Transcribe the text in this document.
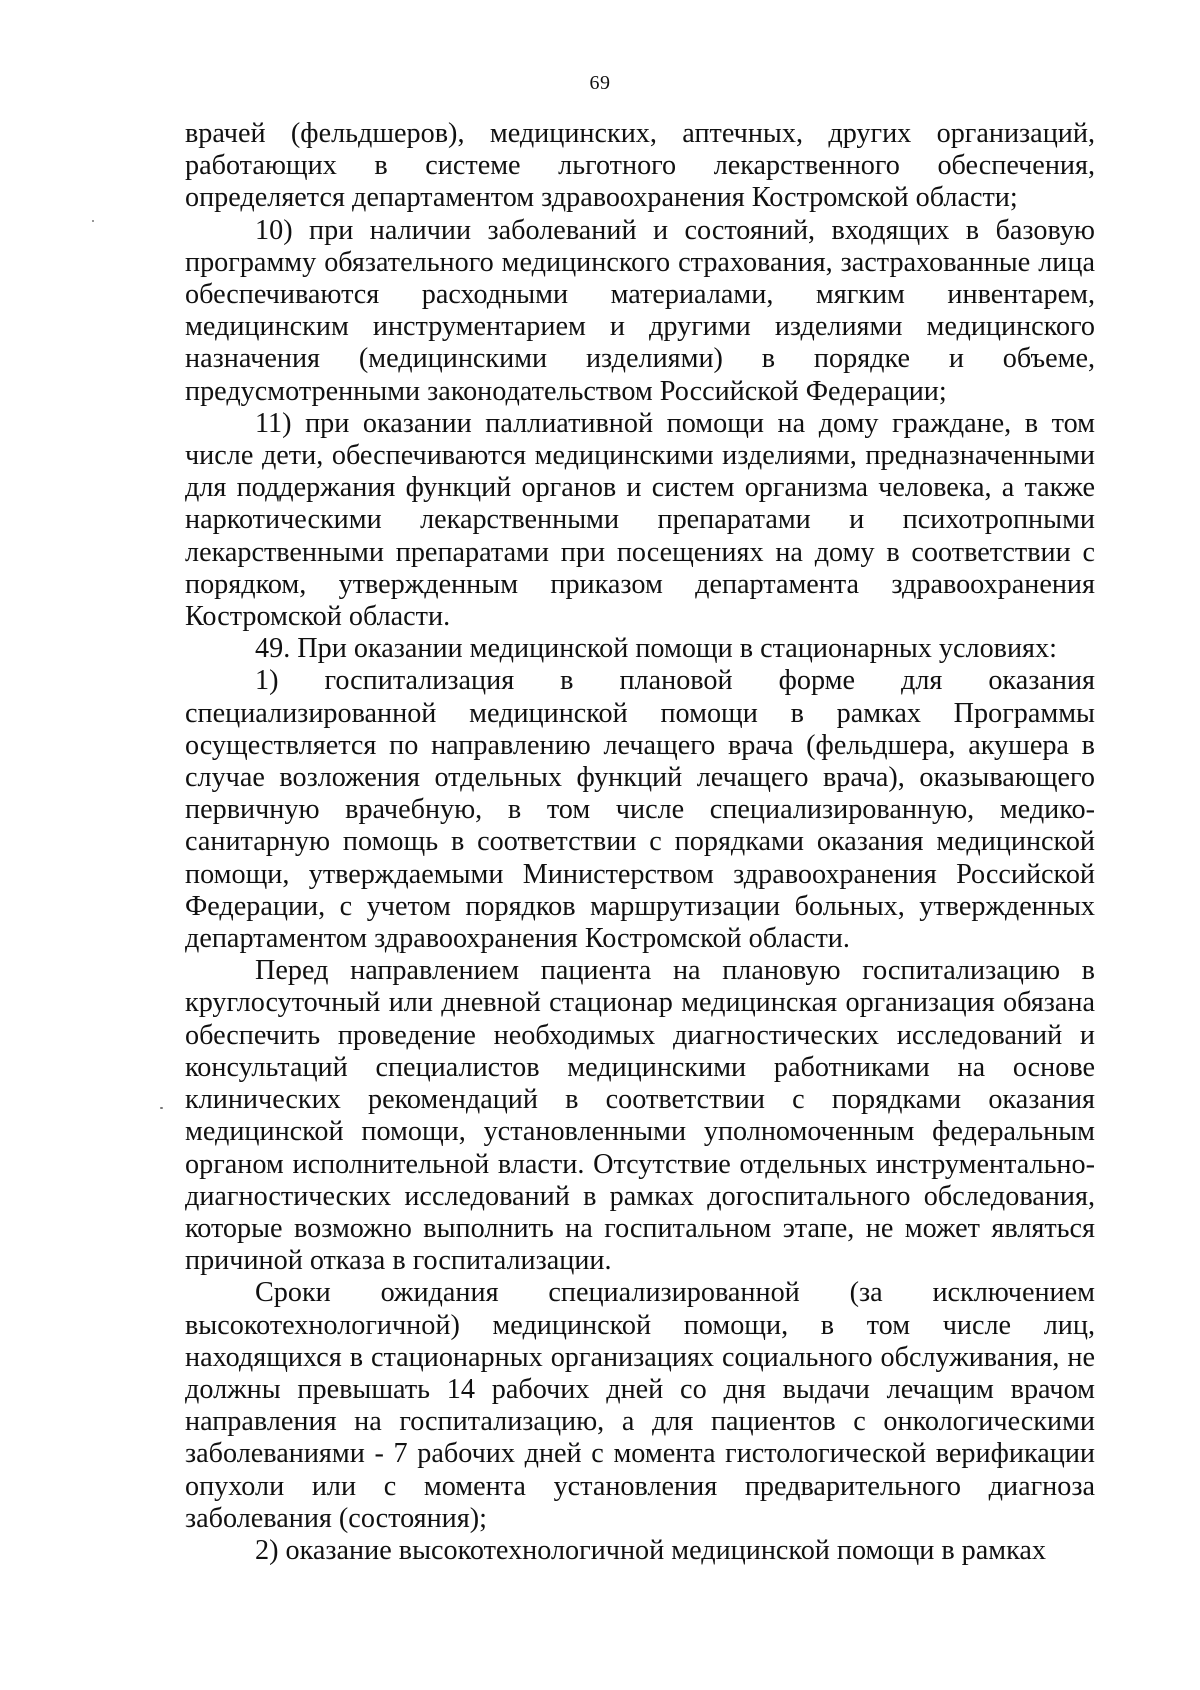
69

врачей (фельдшеров), медицинских, аптечных, других организаций,

работающих в системе льготного лекарственного обеспечения,

определяется департаментом здравоохранения Костромской области;

10) при наличии заболеваний и состояний, входящих в базовую

программу обязательного медицинского страхования, застрахованные лица

обеспечиваются расходными материалами, мягким инвентарем,

медицинским инструментарием и другими изделиями медицинского

назначения (медицинскими изделиями) в порядке и объеме,

предусмотренными законодательством Российской Федерации;

11) при оказании паллиативной помощи на дому граждане, в том

числе дети, обеспечиваются медицинскими изделиями, предназначенными

для поддержания функций органов и систем организма человека, а также

наркотическими лекарственными препаратами и психотропными

лекарственными препаратами при посещениях на дому в соответствии с

порядком, утвержденным приказом департамента здравоохранения

Костромской области.

49. При оказании медицинской помощи в стационарных условиях:

1) госпитализация в плановой форме для оказания

специализированной медицинской помощи в рамках Программы

осуществляется по направлению лечащего врача (фельдшера, акушера в

случае возложения отдельных функций лечащего врача), оказывающего

первичную врачебную, в том числе специализированную, медико-

санитарную помощь в соответствии с порядками оказания медицинской

помощи, утверждаемыми Министерством здравоохранения Российской

Федерации, с учетом порядков маршрутизации больных, утвержденных

департаментом здравоохранения Костромской области.

Перед направлением пациента на плановую госпитализацию в

круглосуточный или дневной стационар медицинская организация обязана

обеспечить проведение необходимых диагностических исследований и

консультаций специалистов медицинскими работниками на основе

клинических рекомендаций в соответствии с порядками оказания

медицинской помощи, установленными уполномоченным федеральным

органом исполнительной власти. Отсутствие отдельных инструментально-

диагностических исследований в рамках догоспитального обследования,

которые возможно выполнить на госпитальном этапе, не может являться

причиной отказа в госпитализации.

Сроки ожидания специализированной (за исключением

высокотехнологичной) медицинской помощи, в том числе лиц,

находящихся в стационарных организациях социального обслуживания, не

должны превышать 14 рабочих дней со дня выдачи лечащим врачом

направления на госпитализацию, а для пациентов с онкологическими

заболеваниями - 7 рабочих дней с момента гистологической верификации

опухоли или с момента установления предварительного диагноза

заболевания (состояния);

2) оказание высокотехнологичной медицинской помощи в рамках
